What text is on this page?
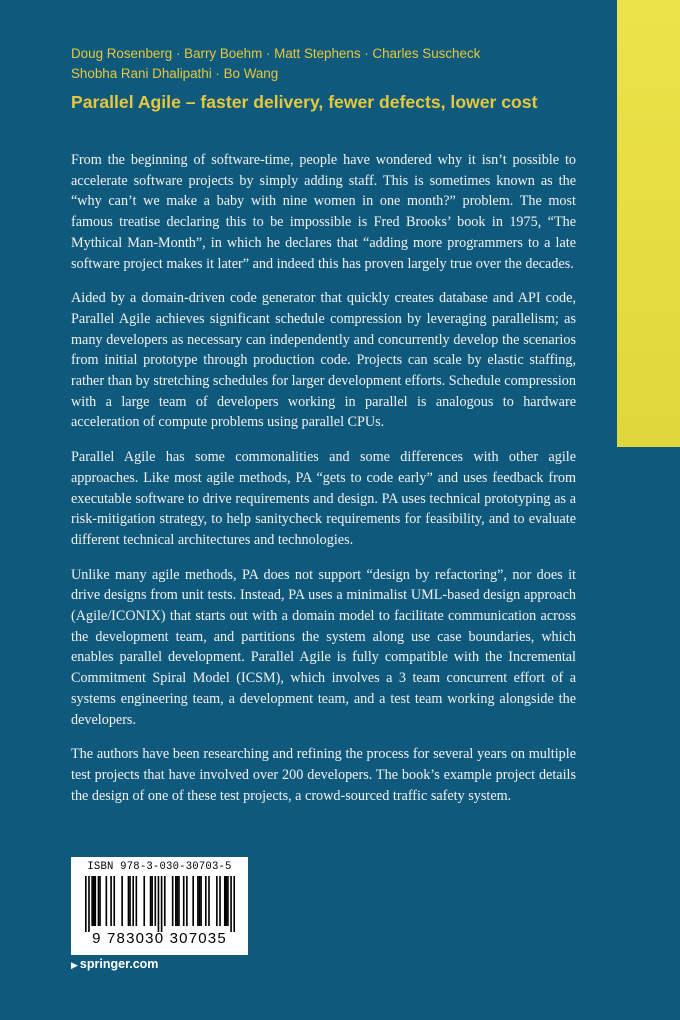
Doug Rosenberg · Barry Boehm · Matt Stephens · Charles Suscheck
Shobha Rani Dhalipathi · Bo Wang
Parallel Agile – faster delivery, fewer defects, lower cost

From the beginning of software-time, people have wondered why it isn’t possible to accelerate software projects by simply adding staff. This is sometimes known as the “why can’t we make a baby with nine women in one month?” problem. The most famous treatise declaring this to be impossible is Fred Brooks’ book in 1975, “The Mythical Man-Month”, in which he declares that “adding more programmers to a late software project makes it later” and indeed this has proven largely true over the decades.

Aided by a domain-driven code generator that quickly creates database and API code, Parallel Agile achieves significant schedule compression by leveraging parallelism; as many developers as necessary can independently and concurrently develop the scenarios from initial prototype through production code. Projects can scale by elastic staffing, rather than by stretching schedules for larger development efforts. Schedule compression with a large team of developers working in parallel is analogous to hardware acceleration of compute problems using parallel CPUs.

Parallel Agile has some commonalities and some differences with other agile approaches. Like most agile methods, PA “gets to code early” and uses feedback from executable software to drive requirements and design. PA uses technical prototyping as a risk-mitigation strategy, to help sanitycheck requirements for feasibility, and to evaluate different technical architectures and technologies.

Unlike many agile methods, PA does not support “design by refactoring”, nor does it drive designs from unit tests. Instead, PA uses a minimalist UML-based design approach (Agile/ICONIX) that starts out with a domain model to facilitate communication across the development team, and partitions the system along use case boundaries, which enables parallel development. Parallel Agile is fully compatible with the Incremental Commitment Spiral Model (ICSM), which involves a 3 team concurrent effort of a systems engineering team, a development team, and a test team working alongside the developers.

The authors have been researching and refining the process for several years on multiple test projects that have involved over 200 developers. The book’s example project details the design of one of these test projects, a crowd-sourced traffic safety system.

ISBN 978-3-030-30703-5
9 783030 307035
▶ springer.com
